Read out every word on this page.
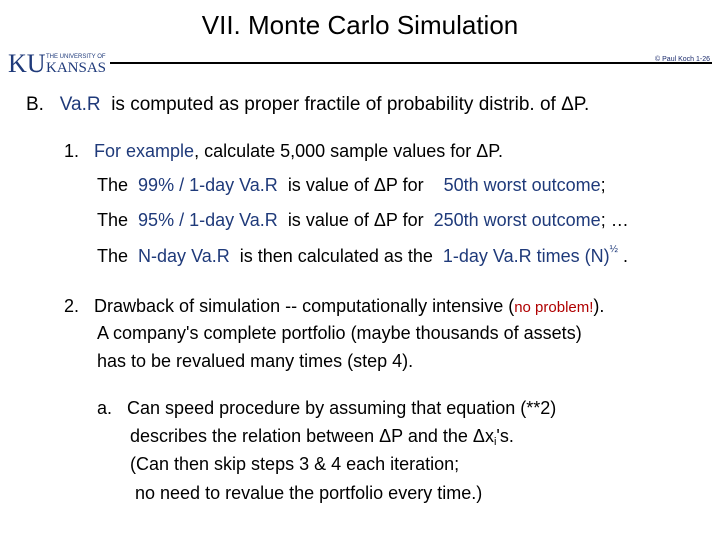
VII. Monte Carlo Simulation
KU THE UNIVERSITY OF
KANSAS
© Paul Koch 1-26
B. Va.R is computed as proper fractile of probability distrib. of ΔP.
1. For example, calculate 5,000 sample values for ΔP.
The 99% / 1-day Va.R is value of ΔP for 50th worst outcome;
The 95% / 1-day Va.R is value of ΔP for 250th worst outcome; …
The N-day Va.R is then calculated as the 1-day Va.R times $(N)^{\frac{1}{2}}$ .
2. Drawback of simulation -- computationally intensive (no problem!).
A company's complete portfolio (maybe thousands of assets)
has to be revalued many times (step 4).
a. Can speed procedure by assuming that equation (**2)
describes the relation between ΔP and the Δxi's.
(Can then skip steps 3 & 4 each iteration;
no need to revalue the portfolio every time.)
